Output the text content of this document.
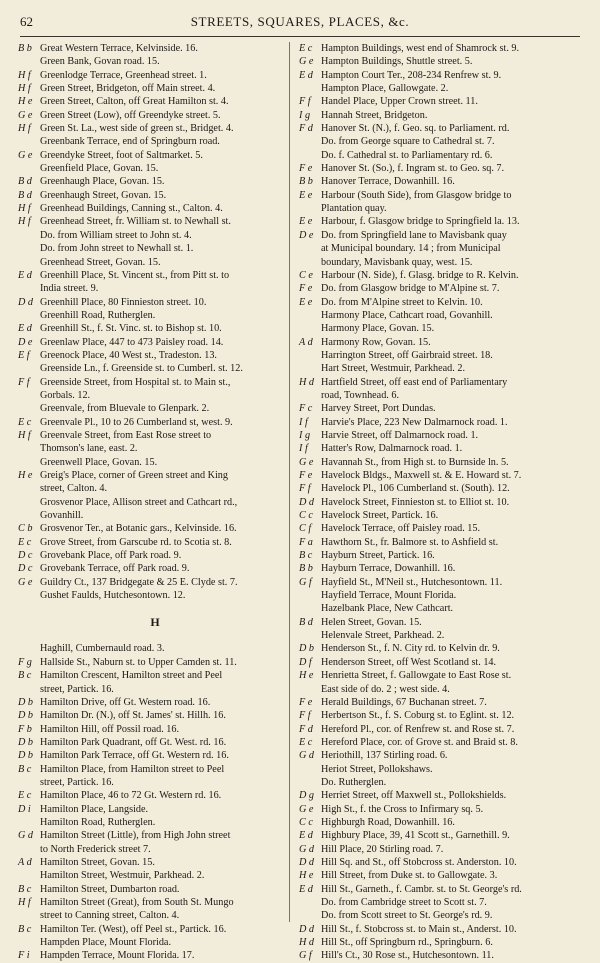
62	STREETS, SQUARES, PLACES, &c.
B b Great Western Terrace, Kelvinside. 16.
Green Bank, Govan road. 15.
H f Greenlodge Terrace, Greenhead street. 1.
H f Green Street, Bridgeton, off Main street. 4.
H e Green Street, Calton, off Great Hamilton st. 4.
G e Green Street (Low), off Greendyke street. 5.
H f Green St. La., west side of green st., Bridget. 4.
Greenbank Terrace, end of Springburn road.
G e Greendyke Street, foot of Saltmarket. 5.
Greenfield Place, Govan. 15.
B d Greenhaugh Place, Govan. 15.
B d Greenhaugh Street, Govan. 15.
H f Greenhead Buildings, Canning st., Calton. 4.
H f Greenhead Street, fr. William st. to Newhall st.
Do. from William street to John st. 4.
Do. from John street to Newhall st. 1.
Greenhead Street, Govan. 15.
E d Greenhill Place, St. Vincent st., from Pitt st. to
India street. 9.
D d Greenhill Place, 80 Finnieston street. 10.
Greenhill Road, Rutherglen.
E d Greenhill St., f. St. Vinc. st. to Bishop st. 10.
D e Greenlaw Place, 447 to 473 Paisley road. 14.
E f	Greenock Place, 40 West st., Tradeston. 13.
Greenside Ln., f. Greenside st. to Cumberl. st. 12.
F f	Greenside Street, from Hospital st. to Main st.,
Gorbals. 12.
Greenvale, from Bluevale to Glenpark. 2.
E c Greenvale Pl., 10 to 26 Cumberland st, west. 9.
H f Greenvale Street, from East Rose street to
Thomson's lane, east. 2.
Greenwell Place, Govan. 15.
H e Greig's Place, corner of Green street and King
street, Calton. 4.
Grosvenor Place, Allison street and Cathcart rd.,
Govanhill.
C b Grosvenor Ter., at Botanic gars., Kelvinside. 16.
E c Grove Street, from Garscube rd. to Scotia st. 8.
D c Grovebank Place, off Park road. 9.
D c Grovebank Terrace, off Park road. 9.
G e Guildry Ct., 137 Bridgegate & 25 E. Clyde st. 7.
Gushet Faulds, Hutchesontown. 12.
H
Haghill, Cumbernauld road. 3.
F g Hallside St., Naburn st. to Upper Camden st. 11.
B c Hamilton Crescent, Hamilton street and Peel
street, Partick. 16.
D b Hamilton Drive, off Gt. Western road. 16.
D b Hamilton Dr. (N.), off St. James' st. Hillh. 16.
F b Hamilton Hill, off Possil road. 16.
D b Hamilton Park Quadrant, off Gt. West. rd. 16.
D b Hamilton Park Terrace, off Gt. Western rd. 16.
B c Hamilton Place, from Hamilton street to Peel
street, Partick. 16.
E c Hamilton Place, 46 to 72 Gt. Western rd. 16.
D i Hamilton Place, Langside.
Hamilton Road, Rutherglen.
G d Hamilton Street (Little), from High John street
to North Frederick street 7.
A d Hamilton Street, Govan. 15.
Hamilton Street, Westmuir, Parkhead. 2.
B c Hamilton Street, Dumbarton road.
H f Hamilton Street (Great), from South St. Mungo
street to Canning street, Calton. 4.
B c Hamilton Ter. (West), off Peel st., Partick. 16.
Hampden Place, Mount Florida.
F i	Hampden Terrace, Mount Florida. 17.
E c Hampton Buildings, west end of Shamrock st. 9.
G e Hampton Buildings, Shuttle street. 5.
E d Hampton Court Ter., 208-234 Renfrew st. 9.
Hampton Place, Gallowgate. 2.
F f	Handel Place, Upper Crown street. 11.
I g	Hannah Street, Bridgeton.
F d Hanover St. (N.), f. Geo. sq. to Parliament. rd.
Do. from George square to Cathedral st. 7.
Do. f. Cathedral st. to Parliamentary rd. 6.
F e Hanover St. (So.), f. Ingram st. to Geo. sq. 7.
B b Hanover Terrace, Dowanhill. 16.
E e Harbour (South Side), from Glasgow bridge to
Plantation quay.
E e Harbour, f. Glasgow bridge to Springfield la. 13.
D e Do. from Springfield lane to Mavisbank quay
at Municipal boundary. 14 ; from Municipal
boundary, Mavisbank quay, west. 15.
C e Harbour (N. Side), f. Glasg. bridge to R. Kelvin.
F e Do. from Glasgow bridge to M'Alpine st. 7.
E e Do. from M'Alpine street to Kelvin. 10.
Harmony Place, Cathcart road, Govanhill.
Harmony Place, Govan. 15.
A d Harmony Row, Govan. 15.
Harrington Street, off Gairbraid street. 18.
Hart Street, Westmuir, Parkhead. 2.
H d Hartfield Street, off east end of Parliamentary
road, Townhead. 6.
F c Harvey Street, Port Dundas.
I f	Harvie's Place, 223 New Dalmarnock road. 1.
I g	Harvie Street, off Dalmarnock road. 1.
I f	Hatter's Row, Dalmarnock road. 1.
G e Havannah St., from High st. to Burnside ln. 5.
F e Havelock Bldgs., Maxwell st. & E. Howard st. 7.
F f	Havelock Pl., 106 Cumberland st. (South). 12.
D d Havelock Street, Finnieston st. to Elliot st. 10.
C c Havelock Street, Partick. 16.
C f Havelock Terrace, off Paisley road. 15.
F a Hawthorn St., fr. Balmore st. to Ashfield st.
B c Hayburn Street, Partick. 16.
B b Hayburn Terrace, Dowanhill. 16.
G f Hayfield St., M'Neil st., Hutchesontown. 11.
Hayfield Terrace, Mount Florida.
Hazelbank Place, New Cathcart.
B d Helen Street, Govan. 15.
Helenvale Street, Parkhead. 2.
D b Henderson St., f. N. City rd. to Kelvin dr. 9.
D f Henderson Street, off West Scotland st. 14.
H e Henrietta Street, f. Gallowgate to East Rose st.
East side of do. 2 ; west side. 4.
F e Herald Buildings, 67 Buchanan street. 7.
F f	Herbertson St., f. S. Coburg st. to Eglint. st. 12.
F d Hereford Pl., cor. of Renfrew st. and Rose st. 7.
E c Hereford Place, cor. of Grove st. and Braid st. 8.
G d Heriothill, 137 Stirling road. 6.
Heriot Street, Pollokshaws.
Do. Rutherglen.
D g Herriet Street, off Maxwell st., Pollokshields.
G e High St., f. the Cross to Infirmary sq. 5.
C c Highburgh Road, Dowanhill. 16.
E d Highbury Place, 39, 41 Scott st., Garnethill. 9.
G d Hill Place, 20 Stirling road. 7.
D d Hill Sq. and St., off Stobcross st. Anderston. 10.
H e Hill Street, from Duke st. to Gallowgate. 3.
E d Hill St., Garneth., f. Cambr. st. to St. George's rd.
Do. from Cambridge street to Scott st. 7.
Do. from Scott street to St. George's rd. 9.
D d Hill St., f. Stobcross st. to Main st., Anderst. 10.
H d Hill St., off Springburn rd., Springburn. 6.
G f Hill's Ct., 30 Rose st., Hutchesontown. 11.
